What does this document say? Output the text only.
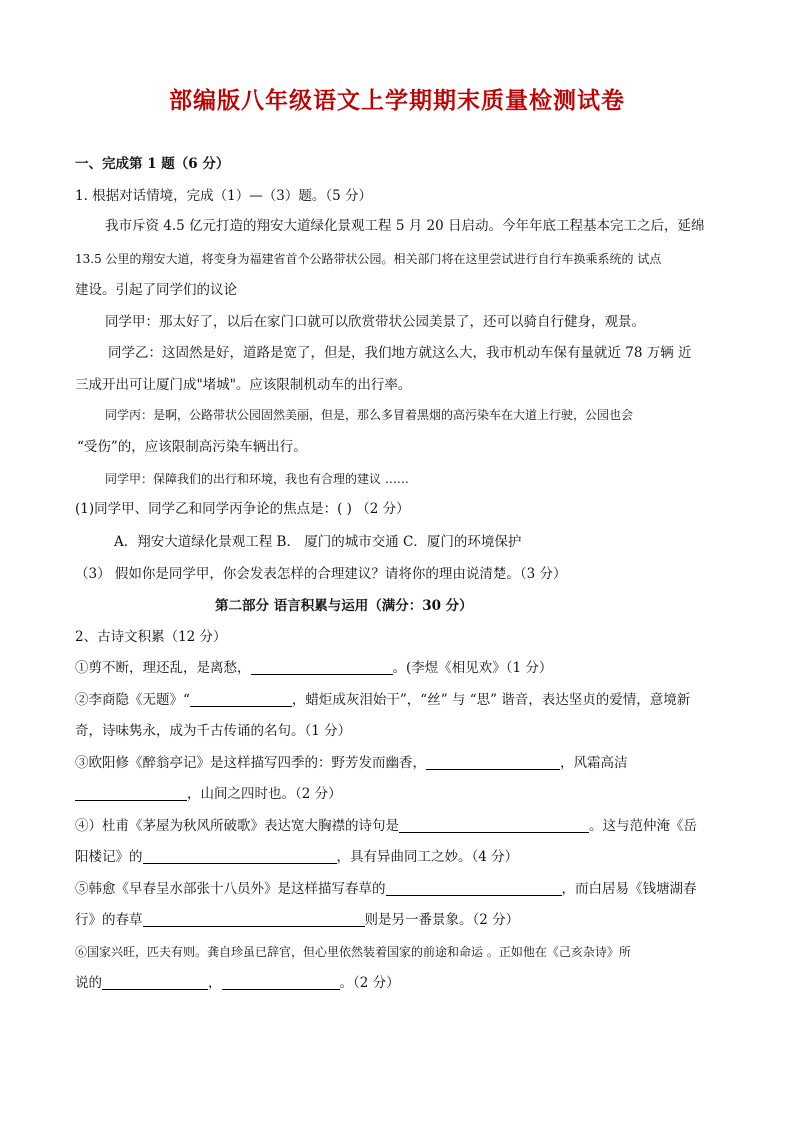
部编版八年级语文上学期期末质量检测试卷
一、完成第 1 题（6 分）
1. 根据对话情境，完成（1）—（3）题。（5 分）
我市斥资 4.5 亿元打造的翔安大道绿化景观工程 5 月 20 日启动。今年年底工程基本完工之后，延绵
13.5 公里的翔安大道，将变身为福建省首个公路带状公园。相关部门将在这里尝试进行自行车换乘系统的 试点
建设。引起了同学们的议论
同学甲：那太好了，以后在家门口就可以欣赏带状公园美景了，还可以骑自行健身，观景。
同学乙：这固然是好，道路是宽了，但是，我们地方就这么大，我市机动车保有量就近 78 万辆 近
三成开出可让厦门成"堵城"。应该限制机动车的出行率。
同学丙：是啊，公路带状公园固然美丽，但是，那么多冒着黑烟的高污染车在大道上行驶，公园也会
“受伤”的，应该限制高污染车辆出行。
同学甲：保障我们的出行和环境，我也有合理的建议 ……
(1)同学甲、同学乙和同学丙争论的焦点是：( ) （2 分）
A．翔安大道绿化景观工程 B． 厦门的城市交通 C．厦门的环境保护
（3） 假如你是同学甲，你会发表怎样的合理建议？请将你的理由说清楚。（3 分）
第二部分 语言积累与运用（满分：30 分）
2、古诗文积累（12 分）
①剪不断，理还乱，是离愁，	。(李煜《相见欢》（1 分）
②李商隐《无题》“	，蜡炬成灰泪始干”，“丝” 与 “思” 谐音，表达坚贞的爱情，意境新
奇，诗味隽永，成为千古传诵的名句。（1 分）
③欧阳修《醉翁亭记》是这样描写四季的：野芳发而幽香，	，风霜高洁
，山间之四时也。（2 分）
④）杜甫《茅屋为秋风所破歌》表达宽大胸襟的诗句是	。这与范仲淹《岳
阳楼记》的	，具有异曲同工之妙。（4 分）
⑤韩愈《早春呈水部张十八员外》是这样描写春草的	，而白居易《钱塘湖春
行》的春草	则是另一番景象。（2 分）
⑥国家兴旺，匹夫有则。龚自珍虽已辞官，但心里依然装着国家的前途和命运 。正如他在《己亥杂诗》所
说的	，	。（2 分）
